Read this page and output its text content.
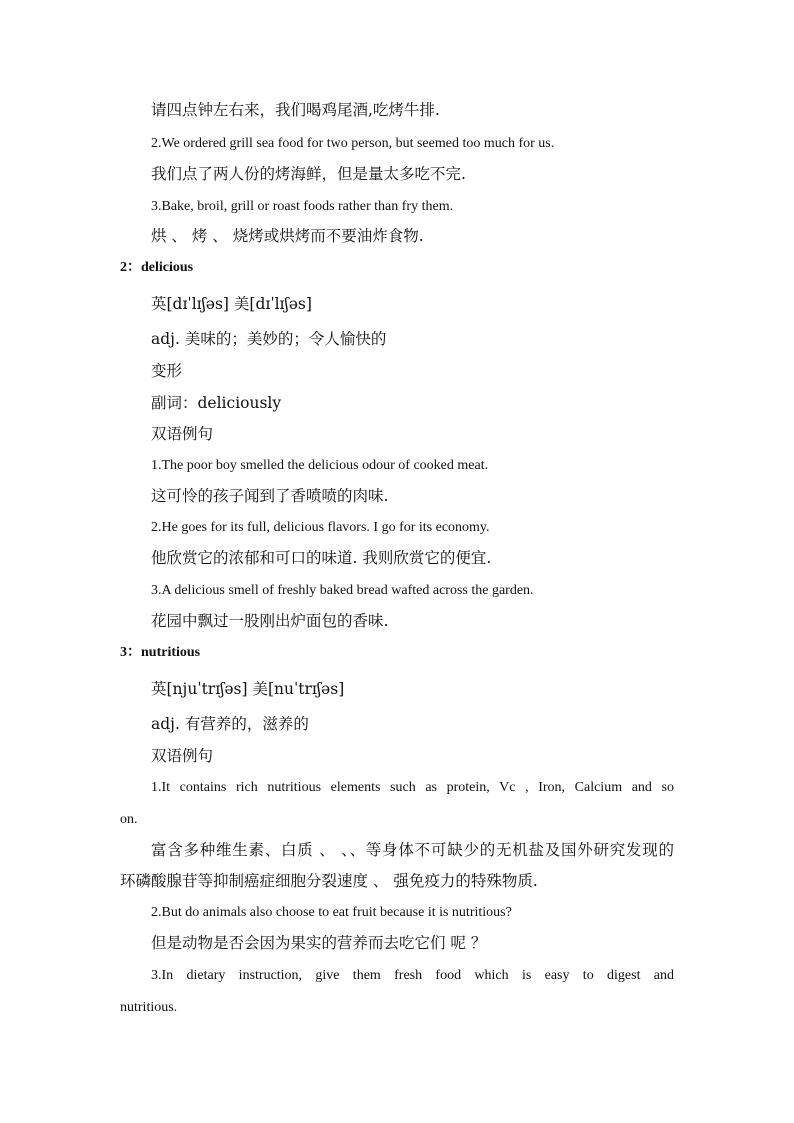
请四点钟左右来，我们喝鸡尾酒,吃烤牛排.
2.We ordered grill sea food for two person, but seemed too much for us.
我们点了两人份的烤海鲜，但是量太多吃不完.
3.Bake, broil, grill or roast foods rather than fry them.
烘 、 烤 、 烧烤或烘烤而不要油炸食物.
2：delicious
英[dɪˈlɪʃəs] 美[dɪˈlɪʃəs]
adj. 美味的；美妙的；令人愉快的
变形
副词：deliciously
双语例句
1.The poor boy smelled the delicious odour of cooked meat.
这可怜的孩子闻到了香喷喷的肉味.
2.He goes for its full, delicious flavors. I go for its economy.
他欣赏它的浓郁和可口的味道. 我则欣赏它的便宜.
3.A delicious smell of freshly baked bread wafted across the garden.
花园中飘过一股刚出炉面包的香味.
3：nutritious
英[njuˈtrɪʃəs] 美[nuˈtrɪʃəs]
adj. 有营养的，滋养的
双语例句
1.It contains rich nutritious elements such as protein, Vc , Iron, Calcium and so
on.
富含多种维生素、白质 、 、、等身体不可缺少的无机盐及国外研究发现的
环磷酸腺苷等抑制癌症细胞分裂速度 、 强免疫力的特殊物质.
2.But do animals also choose to eat fruit because it is nutritious?
但是动物是否会因为果实的营养而去吃它们 呢 ？
3.In dietary instruction, give them fresh food which is easy to digest and
nutritious.
